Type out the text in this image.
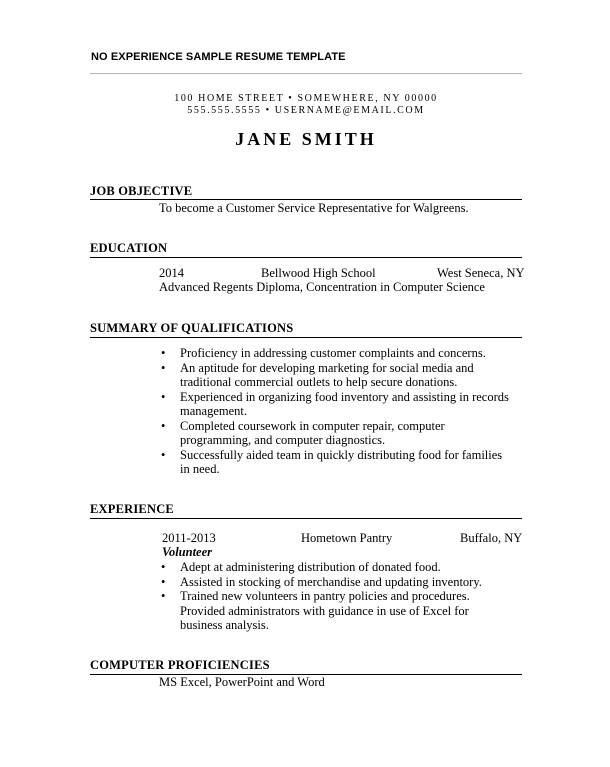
NO EXPERIENCE SAMPLE RESUME TEMPLATE
100 HOME STREET • SOMEWHERE, NY 00000
555.555.5555 • USERNAME@EMAIL.COM
JANE SMITH
JOB OBJECTIVE
To become a Customer Service Representative for Walgreens.
EDUCATION
2014	Bellwood High School	West Seneca, NY
Advanced Regents Diploma, Concentration in Computer Science
SUMMARY OF QUALIFICATIONS
• Proficiency in addressing customer complaints and concerns.
• An aptitude for developing marketing for social media and traditional commercial outlets to help secure donations.
• Experienced in organizing food inventory and assisting in records management.
• Completed coursework in computer repair, computer programming, and computer diagnostics.
• Successfully aided team in quickly distributing food for families in need.
EXPERIENCE
2011-2013	Hometown Pantry	Buffalo, NY
Volunteer
• Adept at administering distribution of donated food.
• Assisted in stocking of merchandise and updating inventory.
• Trained new volunteers in pantry policies and procedures. Provided administrators with guidance in use of Excel for business analysis.
COMPUTER PROFICIENCIES
MS Excel, PowerPoint and Word
